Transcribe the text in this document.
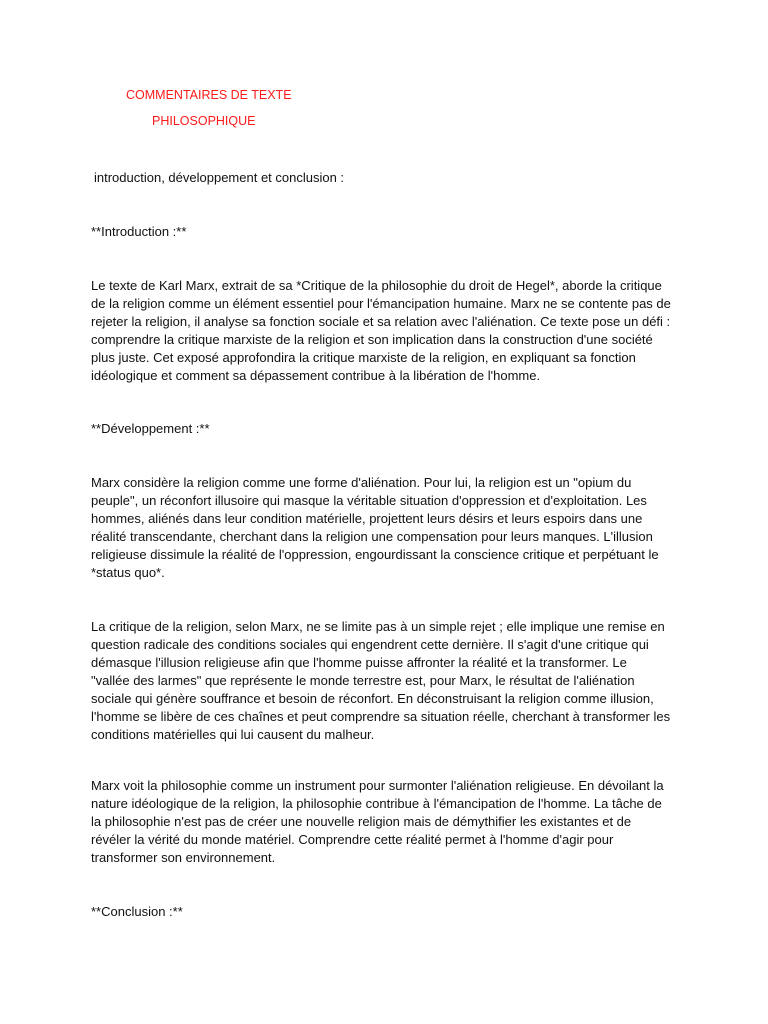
COMMENTAIRES DE TEXTE
PHILOSOPHIQUE
introduction, développement et conclusion :
**Introduction :**

Le texte de Karl Marx, extrait de sa *Critique de la philosophie du droit de Hegel*, aborde la critique
de la religion comme un élément essentiel pour l'émancipation humaine. Marx ne se contente pas de
rejeter la religion, il analyse sa fonction sociale et sa relation avec l'aliénation. Ce texte pose un défi :
comprendre la critique marxiste de la religion et son implication dans la construction d'une société
plus juste. Cet exposé approfondira la critique marxiste de la religion, en expliquant sa fonction
idéologique et comment sa dépassement contribue à la libération de l'homme.

**Développement :**

Marx considère la religion comme une forme d'aliénation. Pour lui, la religion est un "opium du
peuple", un réconfort illusoire qui masque la véritable situation d'oppression et d'exploitation. Les
hommes, aliénés dans leur condition matérielle, projettent leurs désirs et leurs espoirs dans une
réalité transcendante, cherchant dans la religion une compensation pour leurs manques. L'illusion
religieuse dissimule la réalité de l'oppression, engourdissant la conscience critique et perpétuant le
*status quo*.

La critique de la religion, selon Marx, ne se limite pas à un simple rejet ; elle implique une remise en
question radicale des conditions sociales qui engendrent cette dernière. Il s'agit d'une critique qui
démasque l'illusion religieuse afin que l'homme puisse affronter la réalité et la transformer. Le
"vallée des larmes" que représente le monde terrestre est, pour Marx, le résultat de l'aliénation
sociale qui génère souffrance et besoin de réconfort. En déconstruisant la religion comme illusion,
l'homme se libère de ces chaînes et peut comprendre sa situation réelle, cherchant à transformer les
conditions matérielles qui lui causent du malheur.

Marx voit la philosophie comme un instrument pour surmonter l'aliénation religieuse. En dévoilant la
nature idéologique de la religion, la philosophie contribue à l'émancipation de l'homme. La tâche de
la philosophie n'est pas de créer une nouvelle religion mais de démythifier les existantes et de
révéler la vérité du monde matériel. Comprendre cette réalité permet à l'homme d'agir pour
transformer son environnement.

**Conclusion :**
